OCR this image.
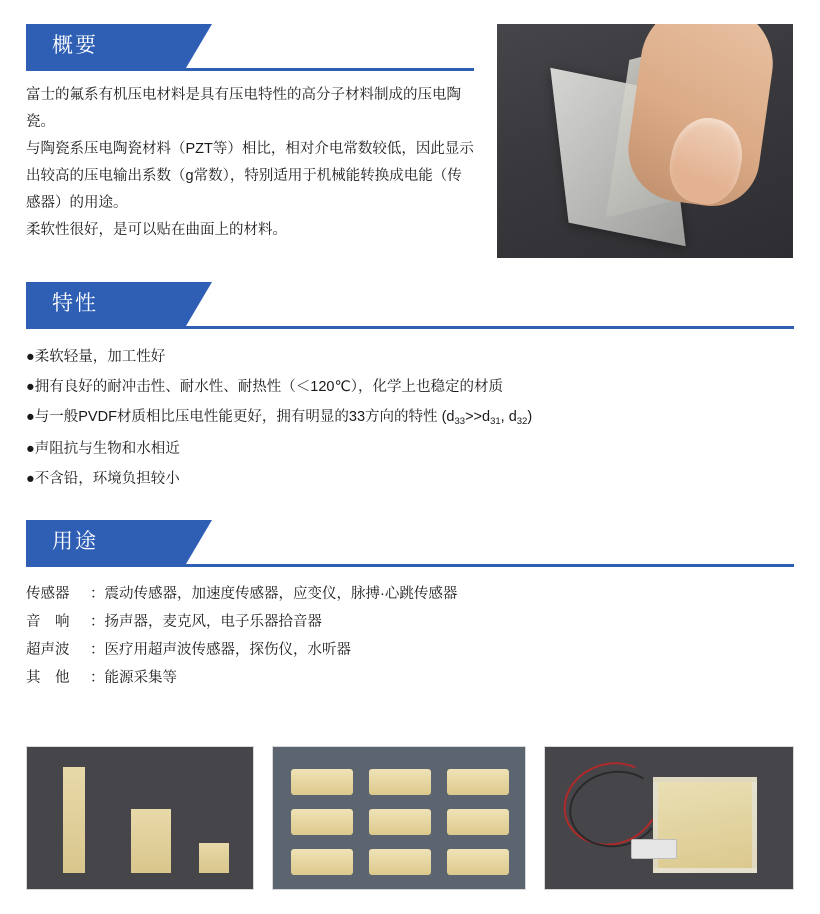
概要

富士的氟系有机压电材料是具有压电特性的高分子材料制成的压电陶瓷。

与陶瓷系压电陶瓷材料（PZT等）相比，相对介电常数较低，因此显示出较高的压电输出系数（g常数），特别适用于机械能转换成电能（传感器）的用途。

柔软性很好，是可以贴在曲面上的材料。

特性
●柔软轻量，加工性好
●拥有良好的耐冲击性、耐水性、耐热性（＜120℃），化学上也稳定的材质
●与一般PVDF材质相比压电性能更好，拥有明显的33方向的特性 ($d_{33}>>d_{31}$, $d_{32}$)
●声阻抗与生物和水相近
●不含铅，环境负担较小
用途
传感器	：	震动传感器，加速度传感器，应变仪，脉搏·心跳传感器
音　响	：	扬声器，麦克风，电子乐器拾音器
超声波	：	医疗用超声波传感器，探伤仪，水听器
其　他	：	能源采集等
